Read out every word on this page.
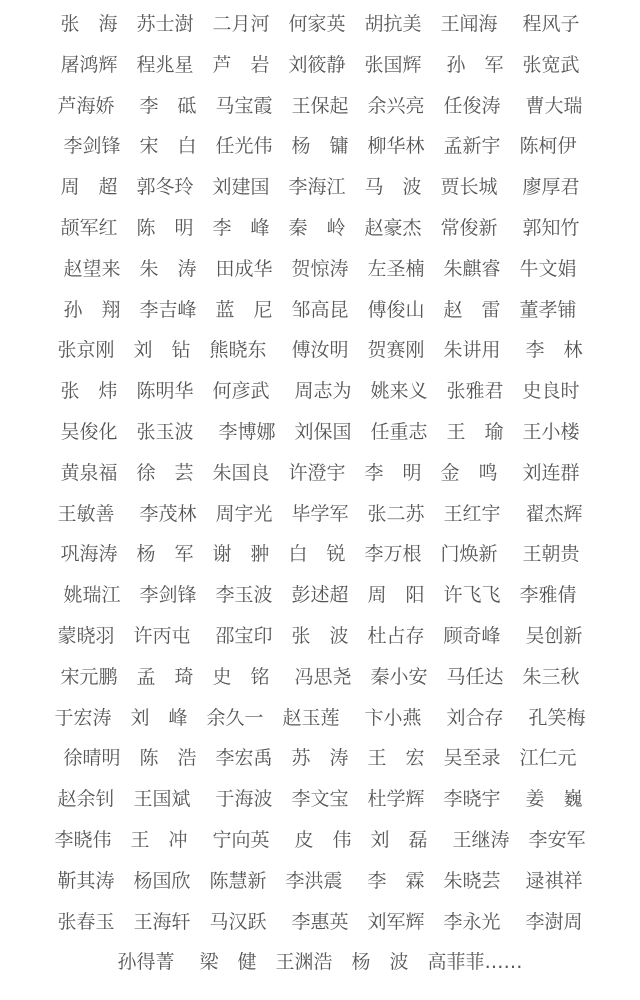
张　海　苏士澍　二月河　何家英　胡抗美　王闻海　 程风子
屠鸿辉　程兆星　芦　岩　刘筱静　张国辉　 孙　军　张宽武
芦海娇　 李　砥　马宝霞　王保起　余兴亮　任俊涛　 曹大瑞
李剑锋　宋　白　任光伟　杨　镛　柳华林　孟新宇　陈柯伊
周　超　郭冬玲　刘建国　李海江　马　波　贾长城　 廖厚君
颉军红　陈　明　李　峰　秦　岭　赵豪杰　常俊新　 郭知竹
赵望来　朱　涛　田成华　贺惊涛　左圣楠　朱麒睿　牛文娟
孙　翔　李吉峰　蓝　尼　邹高昆　傅俊山　赵　雷　董孝铺
张京刚　刘　钻　熊晓东　 傅汝明　贺赛刚　朱讲用　 李　林
张　炜　陈明华　何彦武　 周志为　姚来义　张雅君　史良时
吴俊化　张玉波　 李博娜　刘保国　任重志　王　瑜　王小楼
黄泉福　徐　芸　朱国良　许澄宇　李　明　金　鸣　 刘连群
王敏善　 李茂林　周宇光　毕学军　张二苏　王红宇　 翟杰辉
巩海涛　杨　军　谢　翀　白　锐　李万根　门焕新　 王朝贵
姚瑞江　李剑锋　李玉波　彭述超　周　阳　许飞飞　李雅倩
蒙晓羽　许丙屯　 邵宝印　张　波　杜占存　顾奇峰　 吴创新
宋元鹏　孟　琦　史　铭　 冯思尧　秦小安　马任达　朱三秋
于宏涛　刘　峰　余久一　赵玉莲　 卞小燕　 刘合存　 孔笑梅
徐晴明　陈　浩　李宏禹　苏　涛　王　宏　吴至录　江仁元
赵余钊　王国斌　 于海波　李文宝　杜学辉　李晓宇　 姜　巍
李晓伟　王　冲　 宁向英　 皮　伟　刘　磊　 王继涛　李安军
靳其涛　杨国欣　陈慧新　李洪震　 李　霖　朱晓芸　 逯祺祥
张春玉　王海轩　马汉跃　 李惠英　刘军辉　李永光　 李澍周
孙得菁　 梁　健　王渊浩　杨　波　高菲菲……
